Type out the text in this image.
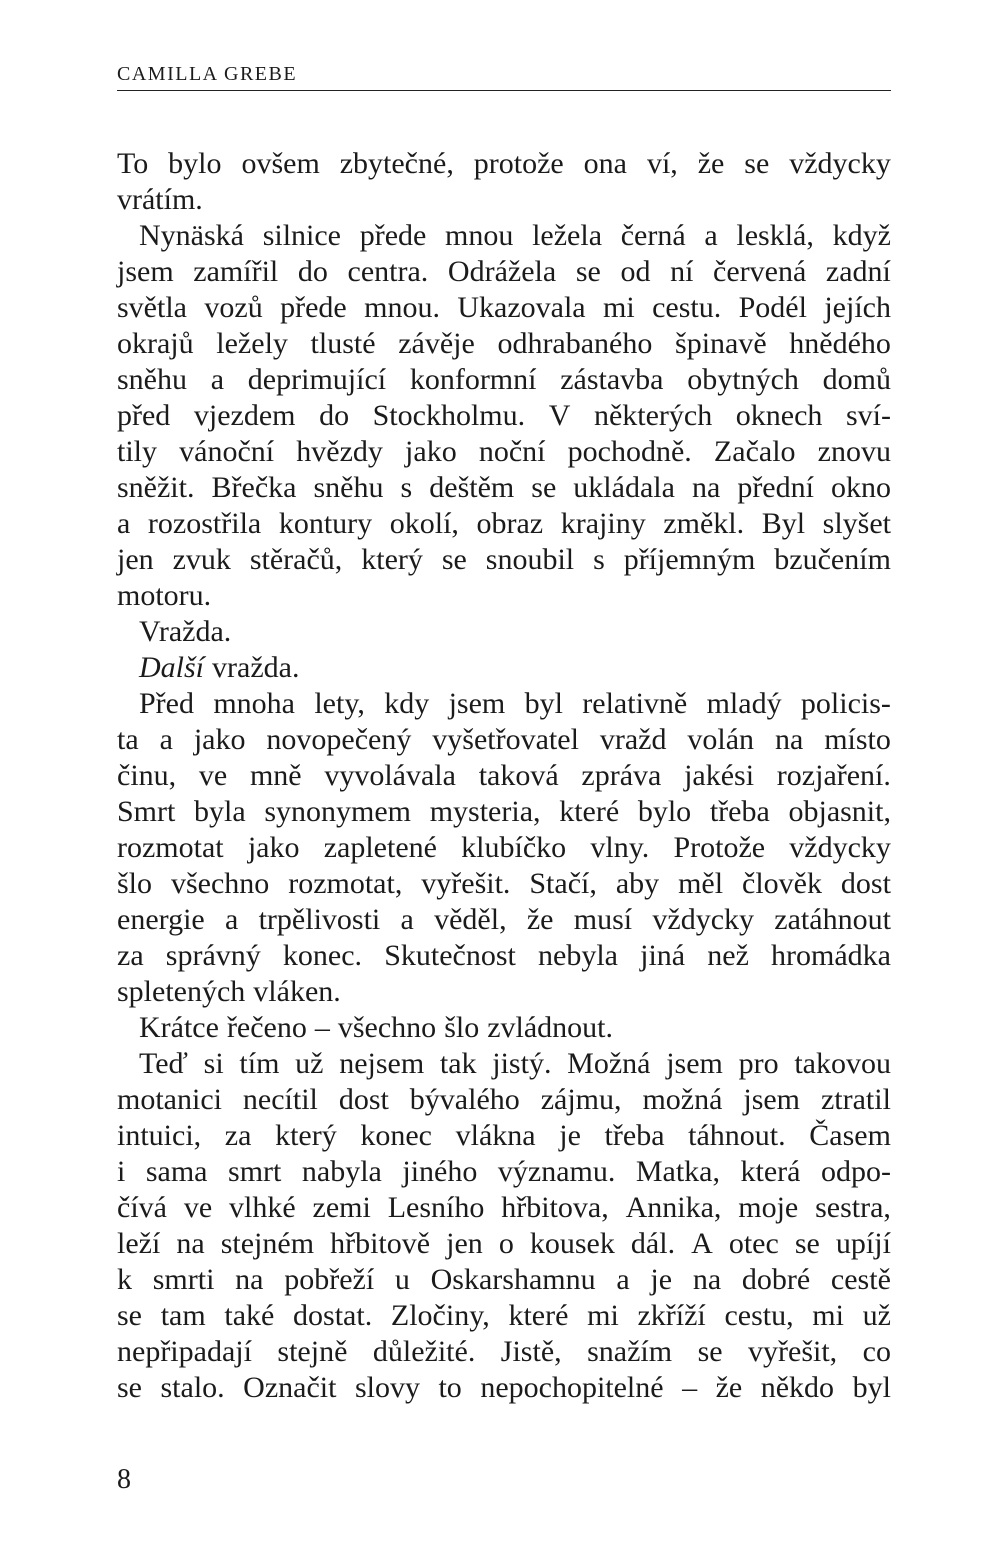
CAMILLA GREBE
To bylo ovšem zbytečné, protože ona ví, že se vždycky
vrátím.
Nynäská silnice přede mnou ležela černá a lesklá, když
jsem zamířil do centra. Odrážela se od ní červená zadní
světla vozů přede mnou. Ukazovala mi cestu. Podél jejích
okrajů ležely tlusté závěje odhrabaného špinavě hnědého
sněhu a deprimující konformní zástavba obytných domů
před vjezdem do Stockholmu. V některých oknech sví-
tily vánoční hvězdy jako noční pochodně. Začalo znovu
sněžit. Břečka sněhu s deštěm se ukládala na přední okno
a rozostřila kontury okolí, obraz krajiny změkl. Byl slyšet
jen zvuk stěračů, který se snoubil s příjemným bzučením
motoru.
Vražda.
Další vražda.
Před mnoha lety, kdy jsem byl relativně mladý policis-
ta a jako novopečený vyšetřovatel vražd volán na místo
činu, ve mně vyvolávala taková zpráva jakési rozjaření.
Smrt byla synonymem mysteria, které bylo třeba objasnit,
rozmotat jako zapletené klubíčko vlny. Protože vždycky
šlo všechno rozmotat, vyřešit. Stačí, aby měl člověk dost
energie a trpělivosti a věděl, že musí vždycky zatáhnout
za správný konec. Skutečnost nebyla jiná než hromádka
spletených vláken.
Krátce řečeno – všechno šlo zvládnout.
Teď si tím už nejsem tak jistý. Možná jsem pro takovou
motanici necítil dost bývalého zájmu, možná jsem ztratil
intuici, za který konec vlákna je třeba táhnout. Časem
i sama smrt nabyla jiného významu. Matka, která odpo-
čívá ve vlhké zemi Lesního hřbitova, Annika, moje sestra,
leží na stejném hřbitově jen o kousek dál. A otec se upíjí
k smrti na pobřeží u Oskarshamnu a je na dobré cestě
se tam také dostat. Zločiny, které mi zkříží cestu, mi už
nepřipadají stejně důležité. Jistě, snažím se vyřešit, co
se stalo. Označit slovy to nepochopitelné – že někdo byl
8
